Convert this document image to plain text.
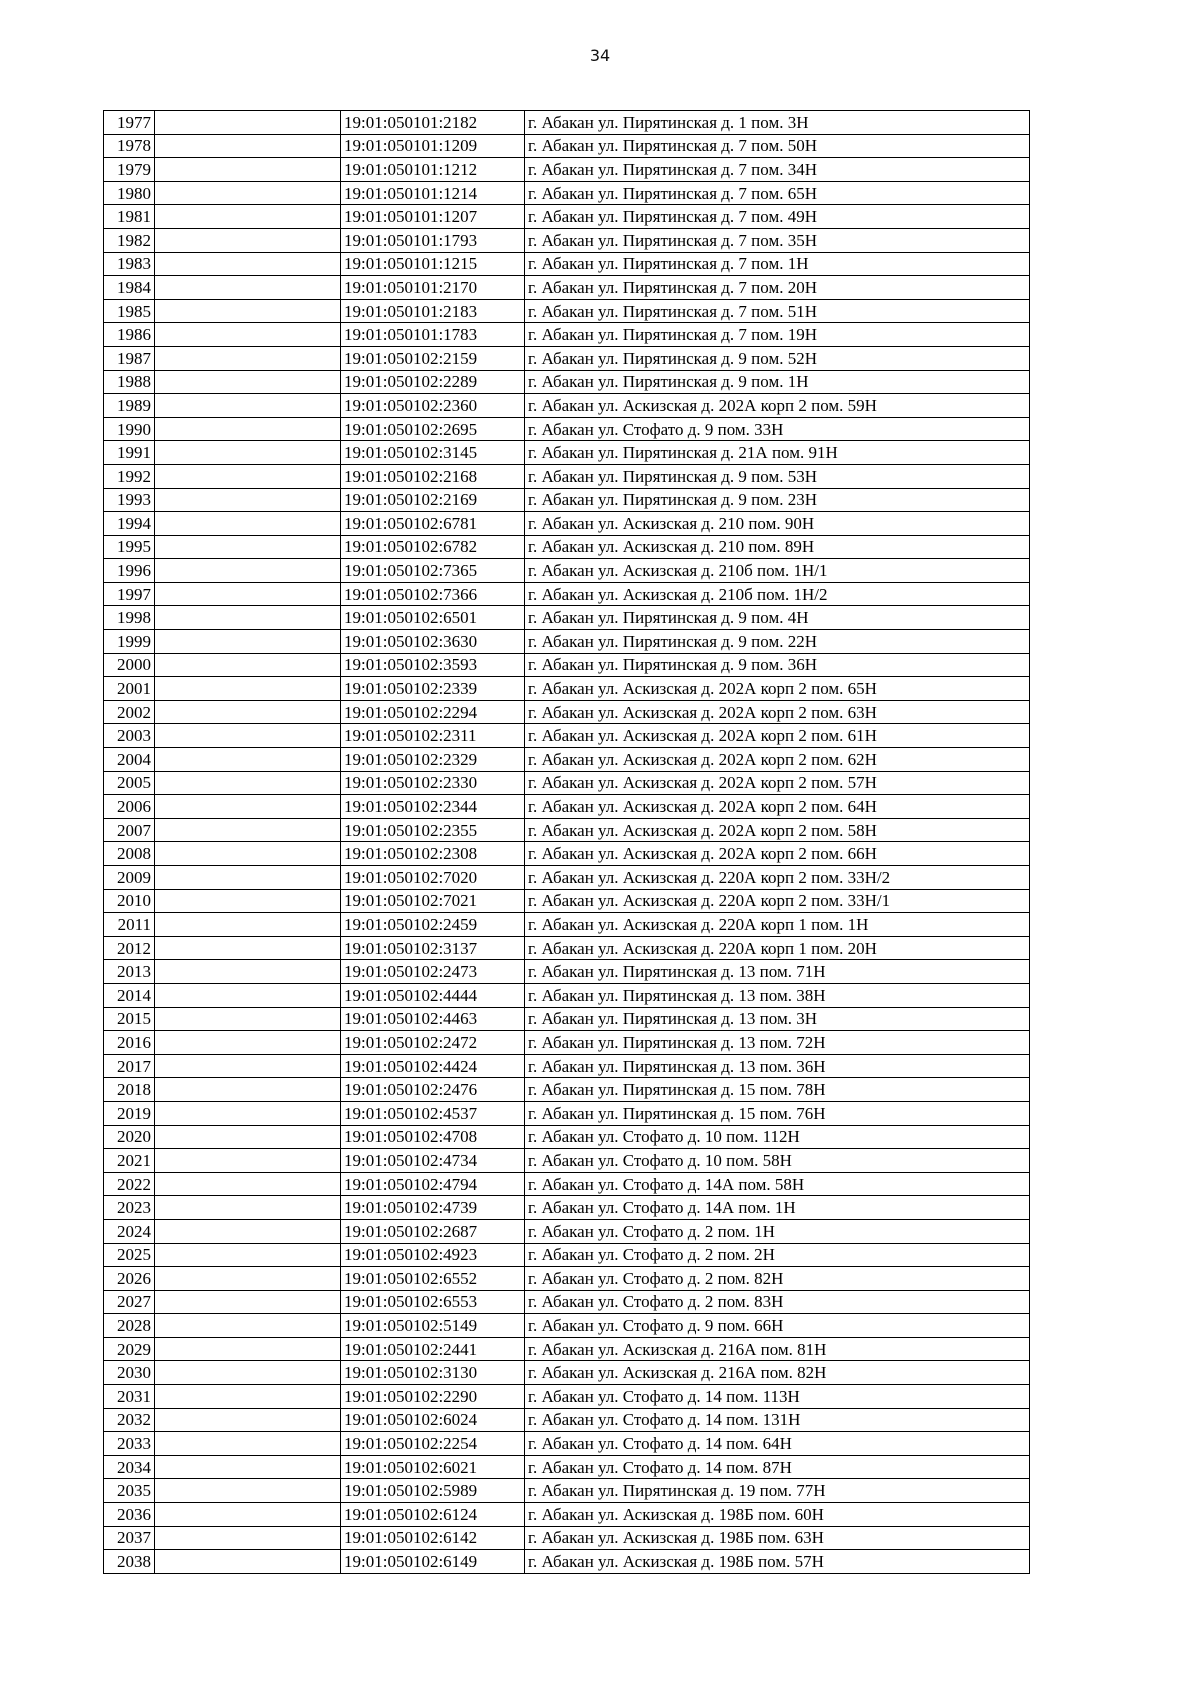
34
1977		19:01:050101:2182	г. Абакан ул. Пирятинская д. 1 пом. 3Н
1978		19:01:050101:1209	г. Абакан ул. Пирятинская д. 7 пом. 50Н
1979		19:01:050101:1212	г. Абакан ул. Пирятинская д. 7 пом. 34Н
1980		19:01:050101:1214	г. Абакан ул. Пирятинская д. 7 пом. 65Н
1981		19:01:050101:1207	г. Абакан ул. Пирятинская д. 7 пом. 49Н
1982		19:01:050101:1793	г. Абакан ул. Пирятинская д. 7 пом. 35Н
1983		19:01:050101:1215	г. Абакан ул. Пирятинская д. 7 пом. 1Н
1984		19:01:050101:2170	г. Абакан ул. Пирятинская д. 7 пом. 20Н
1985		19:01:050101:2183	г. Абакан ул. Пирятинская д. 7 пом. 51Н
1986		19:01:050101:1783	г. Абакан ул. Пирятинская д. 7 пом. 19Н
1987		19:01:050102:2159	г. Абакан ул. Пирятинская д. 9 пом. 52Н
1988		19:01:050102:2289	г. Абакан ул. Пирятинская д. 9 пом. 1Н
1989		19:01:050102:2360	г. Абакан ул. Аскизская д. 202А корп 2 пом. 59Н
1990		19:01:050102:2695	г. Абакан ул. Стофато д. 9 пом. 33Н
1991		19:01:050102:3145	г. Абакан ул. Пирятинская д. 21А пом. 91Н
1992		19:01:050102:2168	г. Абакан ул. Пирятинская д. 9 пом. 53Н
1993		19:01:050102:2169	г. Абакан ул. Пирятинская д. 9 пом. 23Н
1994		19:01:050102:6781	г. Абакан ул. Аскизская д. 210 пом. 90Н
1995		19:01:050102:6782	г. Абакан ул. Аскизская д. 210 пом. 89Н
1996		19:01:050102:7365	г. Абакан ул. Аскизская д. 210б пом. 1Н/1
1997		19:01:050102:7366	г. Абакан ул. Аскизская д. 210б пом. 1Н/2
1998		19:01:050102:6501	г. Абакан ул. Пирятинская д. 9 пом. 4Н
1999		19:01:050102:3630	г. Абакан ул. Пирятинская д. 9 пом. 22Н
2000		19:01:050102:3593	г. Абакан ул. Пирятинская д. 9 пом. 36Н
2001		19:01:050102:2339	г. Абакан ул. Аскизская д. 202А корп 2 пом. 65Н
2002		19:01:050102:2294	г. Абакан ул. Аскизская д. 202А корп 2 пом. 63Н
2003		19:01:050102:2311	г. Абакан ул. Аскизская д. 202А корп 2 пом. 61Н
2004		19:01:050102:2329	г. Абакан ул. Аскизская д. 202А корп 2 пом. 62Н
2005		19:01:050102:2330	г. Абакан ул. Аскизская д. 202А корп 2 пом. 57Н
2006		19:01:050102:2344	г. Абакан ул. Аскизская д. 202А корп 2 пом. 64Н
2007		19:01:050102:2355	г. Абакан ул. Аскизская д. 202А корп 2 пом. 58Н
2008		19:01:050102:2308	г. Абакан ул. Аскизская д. 202А корп 2 пом. 66Н
2009		19:01:050102:7020	г. Абакан ул. Аскизская д. 220А корп 2 пом. 33Н/2
2010		19:01:050102:7021	г. Абакан ул. Аскизская д. 220А корп 2 пом. 33Н/1
2011		19:01:050102:2459	г. Абакан ул. Аскизская д. 220А корп 1 пом. 1Н
2012		19:01:050102:3137	г. Абакан ул. Аскизская д. 220А корп 1 пом. 20Н
2013		19:01:050102:2473	г. Абакан ул. Пирятинская д. 13 пом. 71Н
2014		19:01:050102:4444	г. Абакан ул. Пирятинская д. 13 пом. 38Н
2015		19:01:050102:4463	г. Абакан ул. Пирятинская д. 13 пом. 3Н
2016		19:01:050102:2472	г. Абакан ул. Пирятинская д. 13 пом. 72Н
2017		19:01:050102:4424	г. Абакан ул. Пирятинская д. 13 пом. 36Н
2018		19:01:050102:2476	г. Абакан ул. Пирятинская д. 15 пом. 78Н
2019		19:01:050102:4537	г. Абакан ул. Пирятинская д. 15 пом. 76Н
2020		19:01:050102:4708	г. Абакан ул. Стофато д. 10 пом. 112Н
2021		19:01:050102:4734	г. Абакан ул. Стофато д. 10 пом. 58Н
2022		19:01:050102:4794	г. Абакан ул. Стофато д. 14А пом. 58Н
2023		19:01:050102:4739	г. Абакан ул. Стофато д. 14А пом. 1Н
2024		19:01:050102:2687	г. Абакан ул. Стофато д. 2 пом. 1Н
2025		19:01:050102:4923	г. Абакан ул. Стофато д. 2 пом. 2Н
2026		19:01:050102:6552	г. Абакан ул. Стофато д. 2 пом. 82Н
2027		19:01:050102:6553	г. Абакан ул. Стофато д. 2 пом. 83Н
2028		19:01:050102:5149	г. Абакан ул. Стофато д. 9 пом. 66Н
2029		19:01:050102:2441	г. Абакан ул. Аскизская д. 216А пом. 81Н
2030		19:01:050102:3130	г. Абакан ул. Аскизская д. 216А пом. 82Н
2031		19:01:050102:2290	г. Абакан ул. Стофато д. 14 пом. 113Н
2032		19:01:050102:6024	г. Абакан ул. Стофато д. 14 пом. 131Н
2033		19:01:050102:2254	г. Абакан ул. Стофато д. 14 пом. 64Н
2034		19:01:050102:6021	г. Абакан ул. Стофато д. 14 пом. 87Н
2035		19:01:050102:5989	г. Абакан ул. Пирятинская д. 19 пом. 77Н
2036		19:01:050102:6124	г. Абакан ул. Аскизская д. 198Б пом. 60Н
2037		19:01:050102:6142	г. Абакан ул. Аскизская д. 198Б пом. 63Н
2038		19:01:050102:6149	г. Абакан ул. Аскизская д. 198Б пом. 57Н
